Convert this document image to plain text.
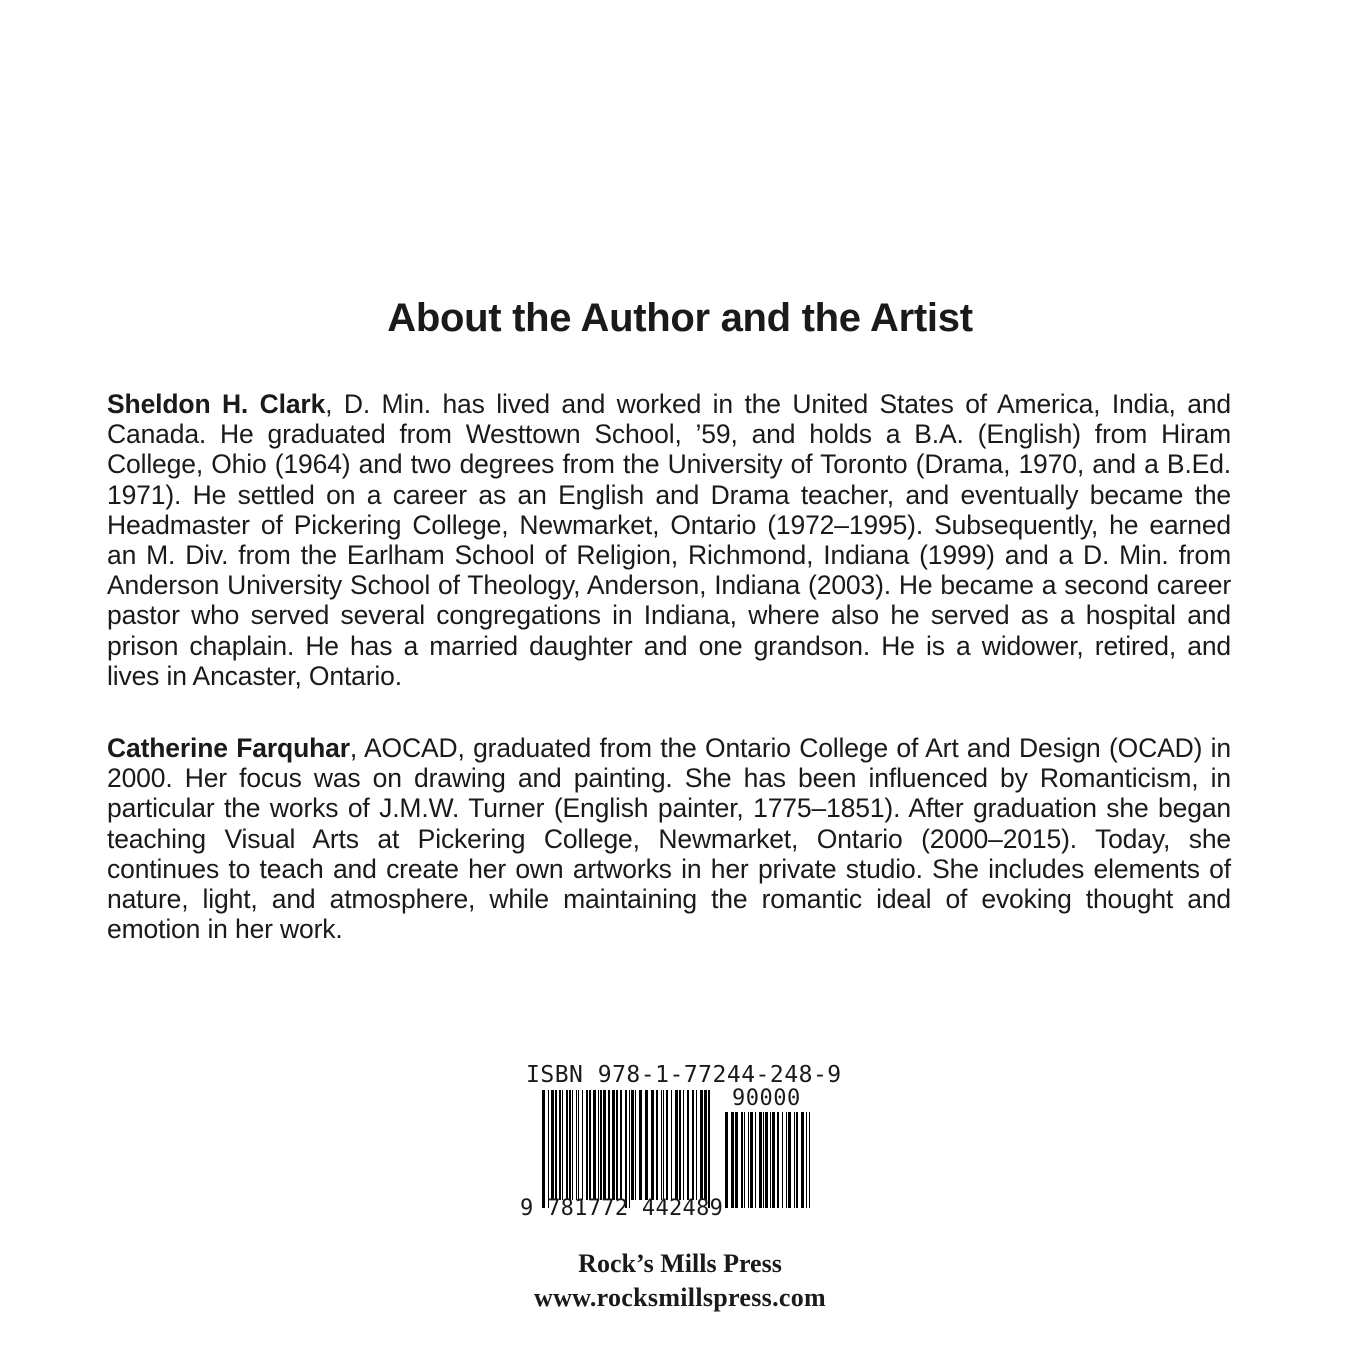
About the Author and the Artist

Sheldon H. Clark, D. Min. has lived and worked in the United States of America, India, and Canada. He graduated from Westtown School, ’59, and holds a B.A. (English) from Hiram College, Ohio (1964) and two degrees from the University of Toronto (Drama, 1970, and a B.Ed. 1971). He settled on a career as an English and Drama teacher, and eventually became the Headmaster of Pickering College, Newmarket, Ontario (1972–1995). Subsequently, he earned an M. Div. from the Earlham School of Religion, Richmond, Indiana (1999) and a D. Min. from Anderson University School of Theology, Anderson, Indiana (2003). He became a second career pastor who served several congregations in Indiana, where also he served as a hospital and prison chaplain. He has a married daughter and one grandson. He is a widower, retired, and lives in Ancaster, Ontario.

Catherine Farquhar, AOCAD, graduated from the Ontario College of Art and Design (OCAD) in 2000. Her focus was on drawing and painting. She has been influenced by Romanticism, in particular the works of J.M.W. Turner (English painter, 1775–1851). After graduation she began teaching Visual Arts at Pickering College, Newmarket, Ontario (2000–2015). Today, she continues to teach and create her own artworks in her private studio. She includes elements of nature, light, and atmosphere, while maintaining the romantic ideal of evoking thought and emotion in her work.

ISBN 978-1-77244-248-9
90000
9 781772 442489

Rock’s Mills Press

www.rocksmillspress.com
